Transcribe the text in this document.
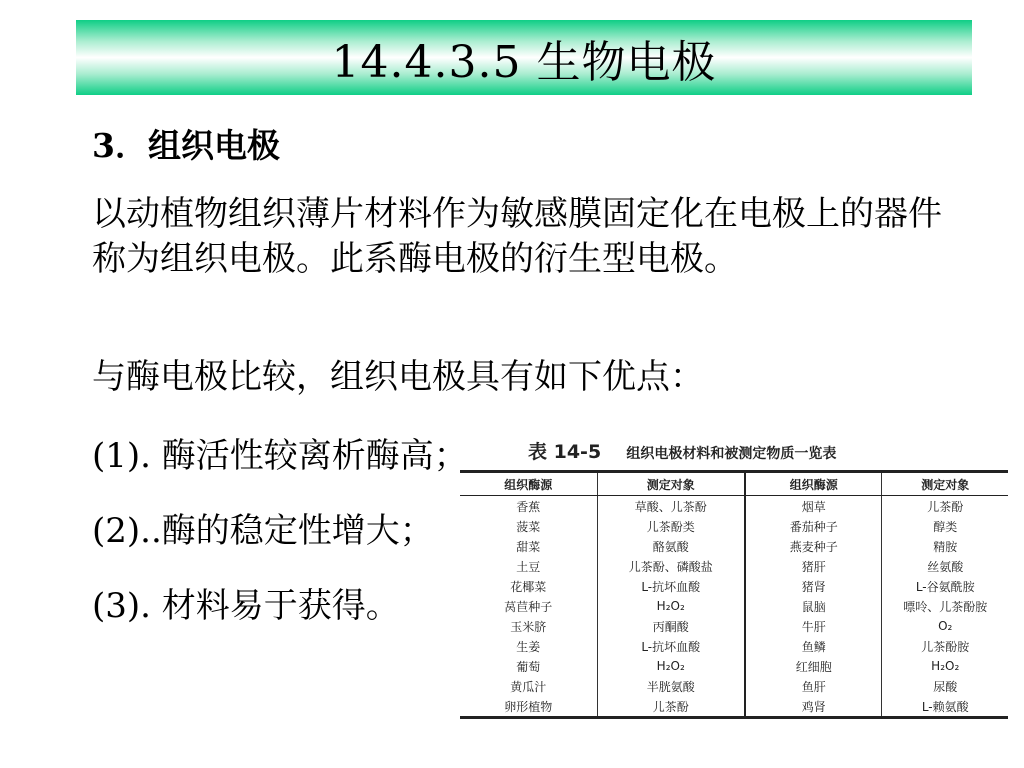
14.4.3.5 生物电极
3．组织电极
以动植物组织薄片材料作为敏感膜固定化在电极上的器件称为组织电极。此系酶电极的衍生型电极。
与酶电极比较，组织电极具有如下优点：
(1). 酶活性较离析酶高；
(2)..酶的稳定性增大；
(3). 材料易于获得。
表 14-5 组织电极材料和被测定物质一览表
组织酶源	测定对象	组织酶源	测定对象
香蕉	草酸、儿茶酚	烟草	儿茶酚
菠菜	儿茶酚类	番茄种子	醇类
甜菜	酪氨酸	燕麦种子	精胺
土豆	儿茶酚、磷酸盐	猪肝	丝氨酸
花椰菜	L-抗坏血酸	猪肾	L-谷氨酰胺
莴苣种子	H₂O₂	鼠脑	嘌呤、儿茶酚胺
玉米脐	丙酮酸	牛肝	O₂
生姜	L-抗坏血酸	鱼鳞	儿茶酚胺
葡萄	H₂O₂	红细胞	H₂O₂
黄瓜汁	半胱氨酸	鱼肝	尿酸
卵形植物	儿茶酚	鸡肾	L-赖氨酸
